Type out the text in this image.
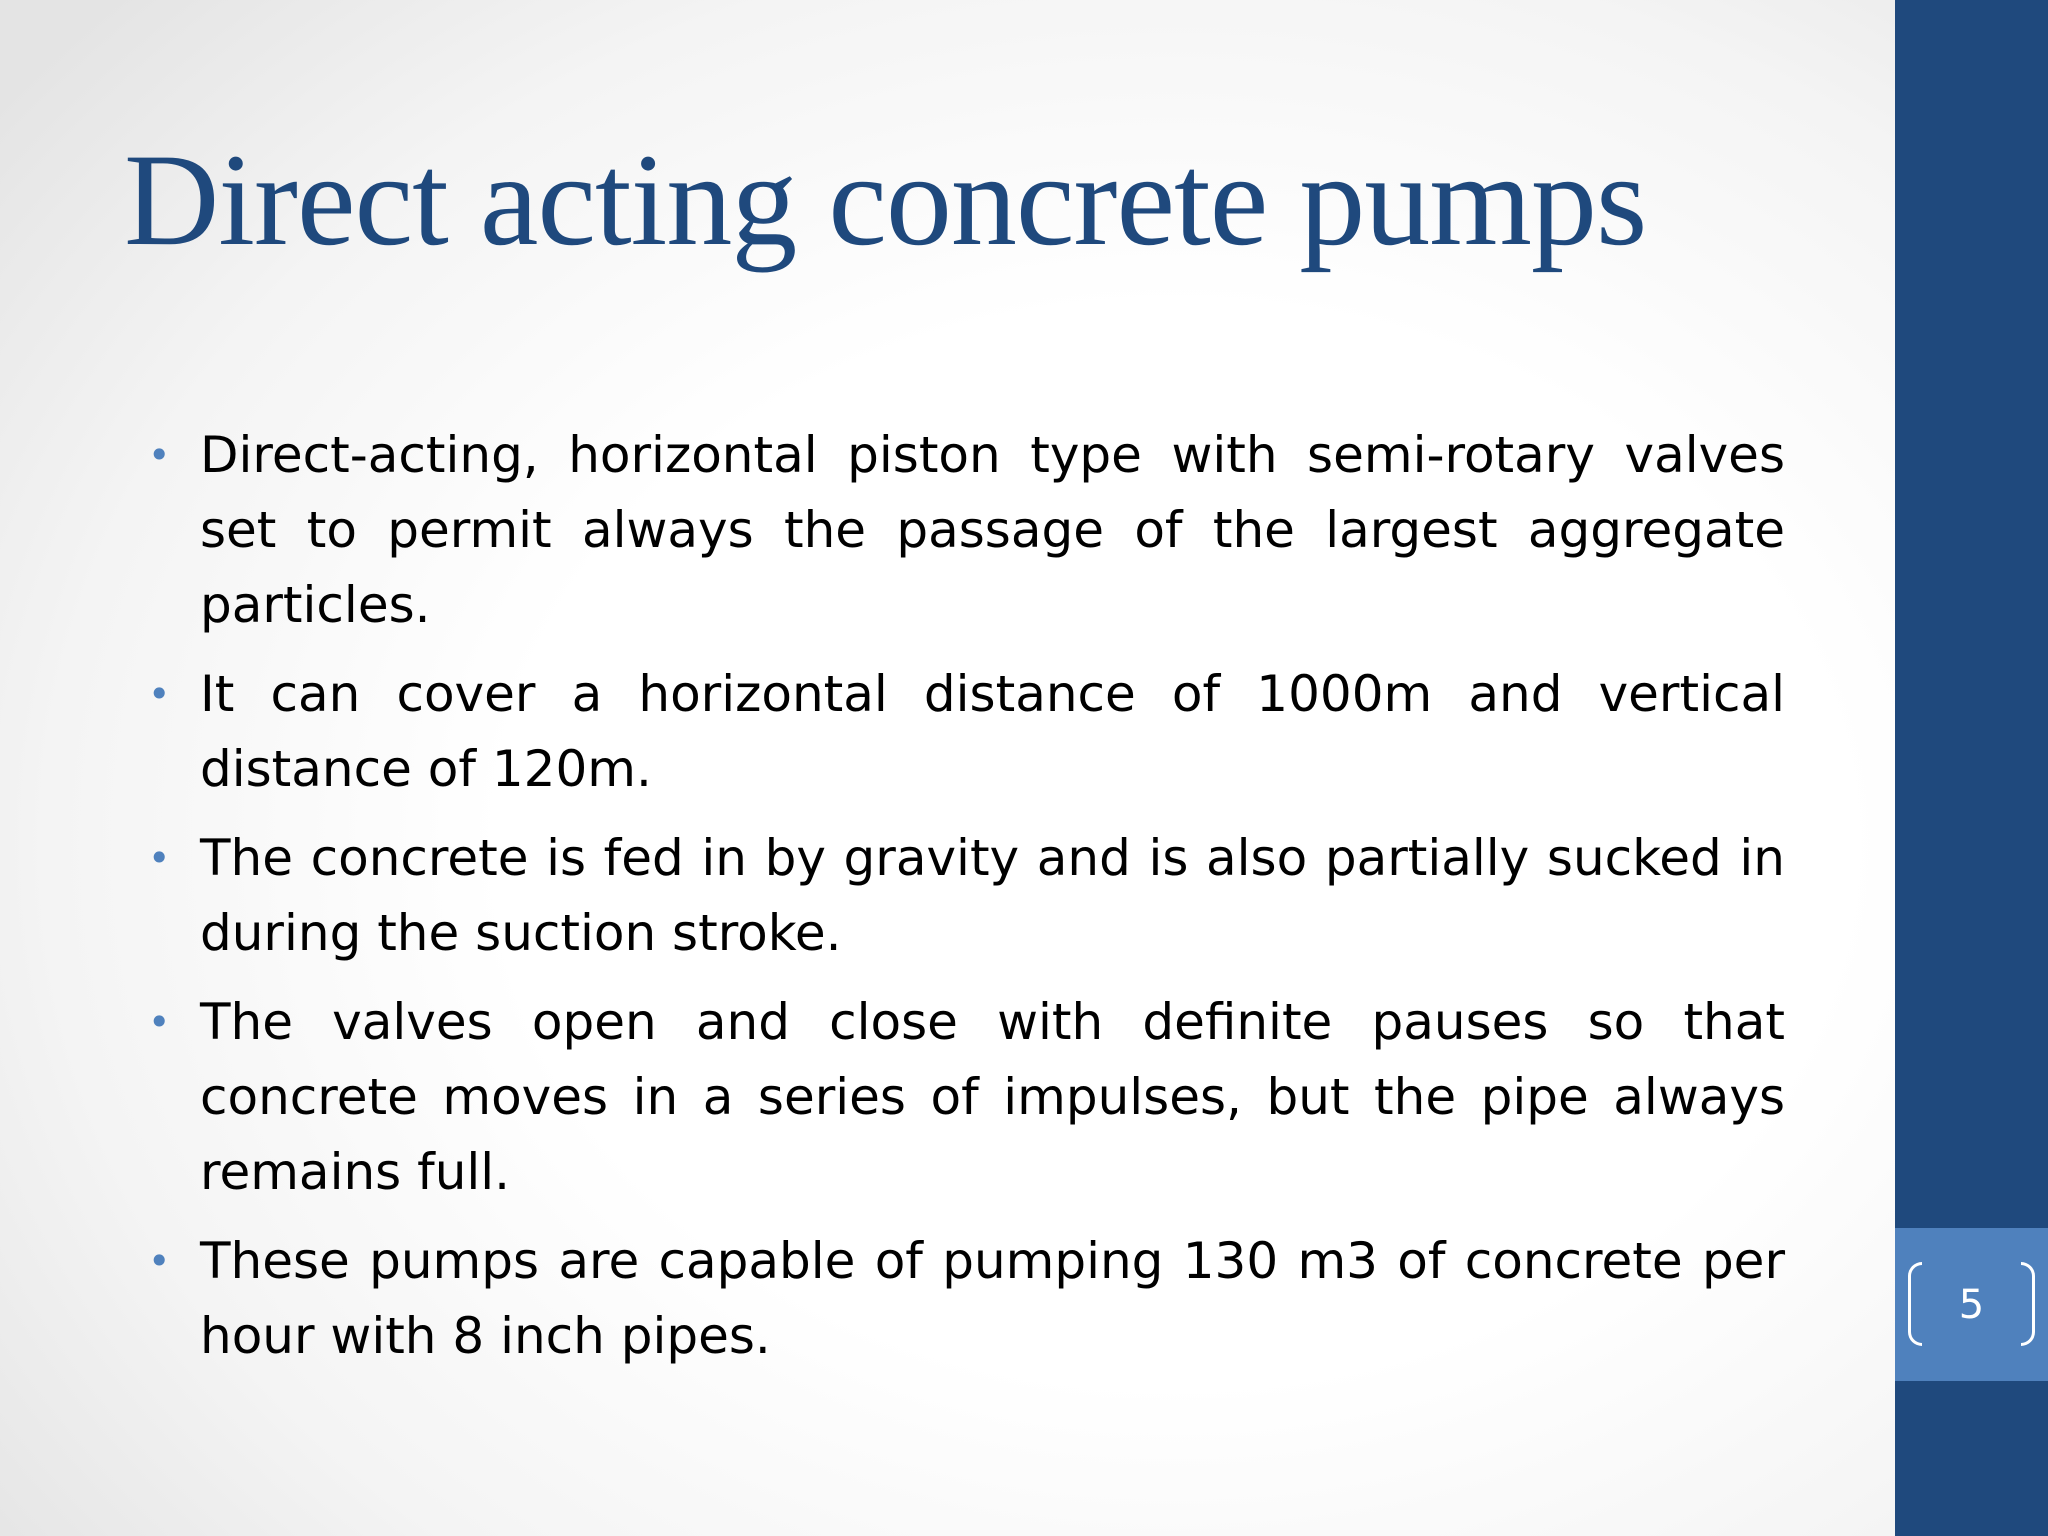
Direct acting concrete pumps
• Direct-acting, horizontal piston type with semi-rotary valves set to permit always the passage of the largest aggregate particles.
• It can cover a horizontal distance of 1000m and vertical distance of 120m.
• The concrete is fed in by gravity and is also partially sucked in during the suction stroke.
• The valves open and close with definite pauses so that concrete moves in a series of impulses, but the pipe always remains full.
• These pumps are capable of pumping 130 m3 of concrete per hour with 8 inch pipes.
5
